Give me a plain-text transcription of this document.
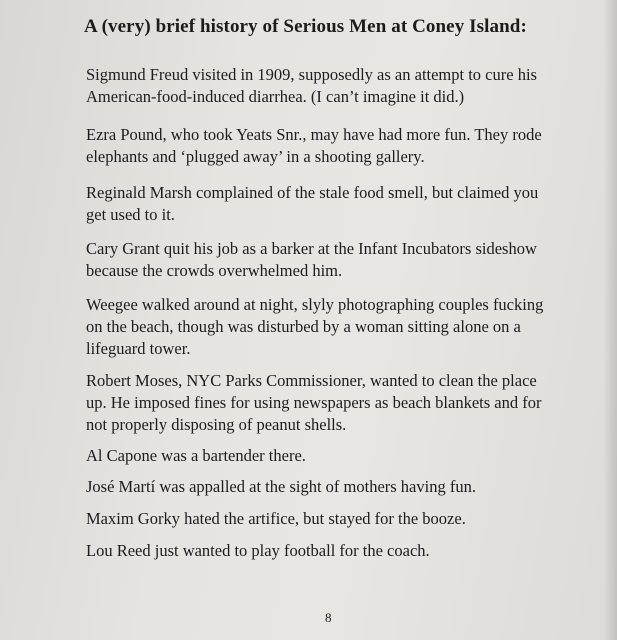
A (very) brief history of Serious Men at Coney Island:
Sigmund Freud visited in 1909, supposedly as an attempt to cure his
American-food-induced diarrhea. (I can’t imagine it did.)
Ezra Pound, who took Yeats Snr., may have had more fun. They rode
elephants and ‘plugged away’ in a shooting gallery.
Reginald Marsh complained of the stale food smell, but claimed you
get used to it.
Cary Grant quit his job as a barker at the Infant Incubators sideshow
because the crowds overwhelmed him.
Weegee walked around at night, slyly photographing couples fucking
on the beach, though was disturbed by a woman sitting alone on a
lifeguard tower.
Robert Moses, NYC Parks Commissioner, wanted to clean the place
up. He imposed fines for using newspapers as beach blankets and for
not properly disposing of peanut shells.
Al Capone was a bartender there.
José Martí was appalled at the sight of mothers having fun.
Maxim Gorky hated the artifice, but stayed for the booze.
Lou Reed just wanted to play football for the coach.
8
